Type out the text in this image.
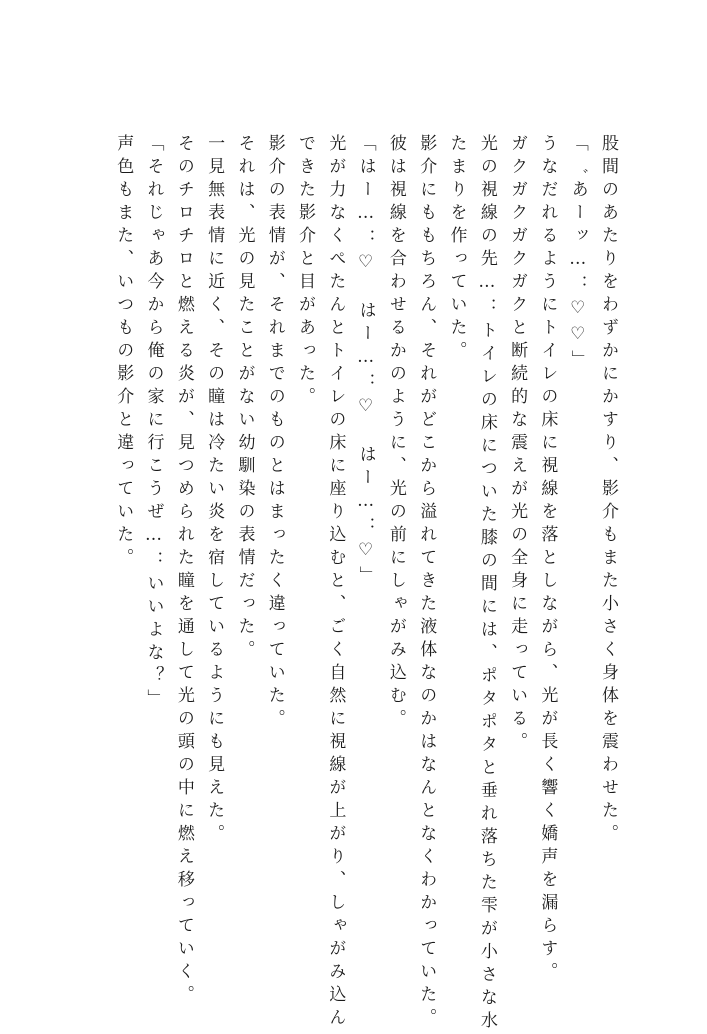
股間のあたりをわずかにかすり、影介もまた小さく身体を震わせた。
「゛あーッ…：♡♡」
うなだれるようにトイレの床に視線を落としながら、光が長く響く嬌声を漏らす。
ガクガクガクガクと断続的な震えが光の全身に走っている。
光の視線の先…：トイレの床についた膝の間には、ポタポタと垂れ落ちた雫が小さな水
たまりを作っていた。
影介にももちろん、それがどこから溢れてきた液体なのかはなんとなくわかっていた。
彼は視線を合わせるかのように、光の前にしゃがみ込む。
「はー…：♡　はー…：♡　はー…：♡」
光が力なくぺたんとトイレの床に座り込むと、ごく自然に視線が上がり、しゃがみ込ん
できた影介と目があった。
影介の表情が、それまでのものとはまったく違っていた。
それは、光の見たことがない幼馴染の表情だった。
一見無表情に近く、その瞳は冷たい炎を宿しているようにも見えた。
そのチロチロと燃える炎が、見つめられた瞳を通して光の頭の中に燃え移っていく。
「それじゃあ今から俺の家に行こうぜ…：いいよな？」
声色もまた、いつもの影介と違っていた。
